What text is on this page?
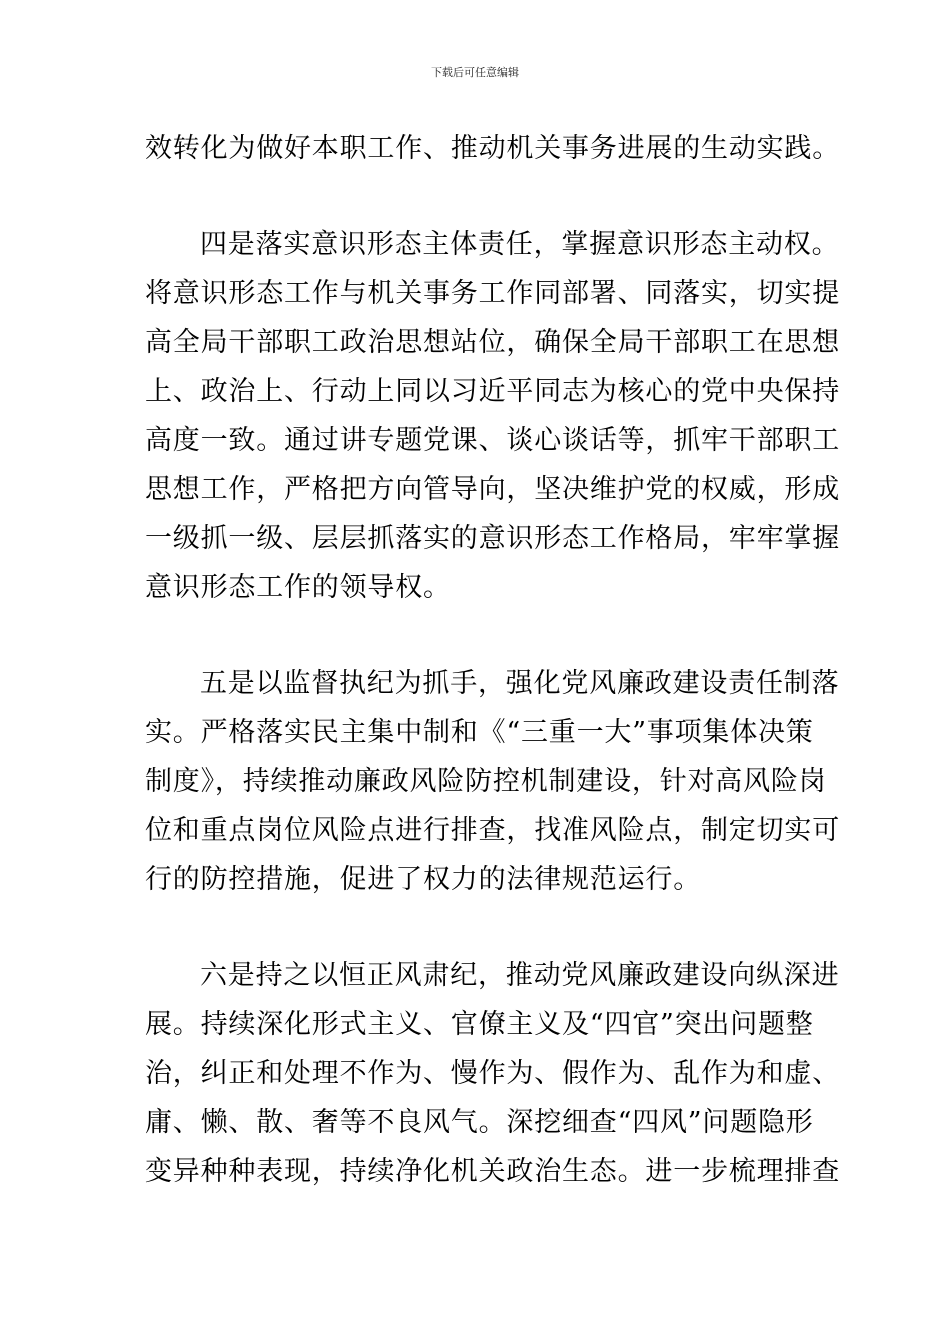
下载后可任意编辑
效转化为做好本职工作、推动机关事务进展的生动实践。
四是落实意识形态主体责任，掌握意识形态主动权。
将意识形态工作与机关事务工作同部署、同落实，切实提
高全局干部职工政治思想站位，确保全局干部职工在思想
上、政治上、行动上同以习近平同志为核心的党中央保持
高度一致。通过讲专题党课、谈心谈话等，抓牢干部职工
思想工作，严格把方向管导向，坚决维护党的权威，形成
一级抓一级、层层抓落实的意识形态工作格局，牢牢掌握
意识形态工作的领导权。
五是以监督执纪为抓手，强化党风廉政建设责任制落
实。严格落实民主集中制和《“三重一大”事项集体决策
制度》，持续推动廉政风险防控机制建设，针对高风险岗
位和重点岗位风险点进行排查，找准风险点，制定切实可
行的防控措施，促进了权力的法律规范运行。
六是持之以恒正风肃纪，推动党风廉政建设向纵深进
展。持续深化形式主义、官僚主义及“四官”突出问题整
治，纠正和处理不作为、慢作为、假作为、乱作为和虚、
庸、懒、散、奢等不良风气。深挖细查“四风”问题隐形
变异种种表现，持续净化机关政治生态。进一步梳理排查
